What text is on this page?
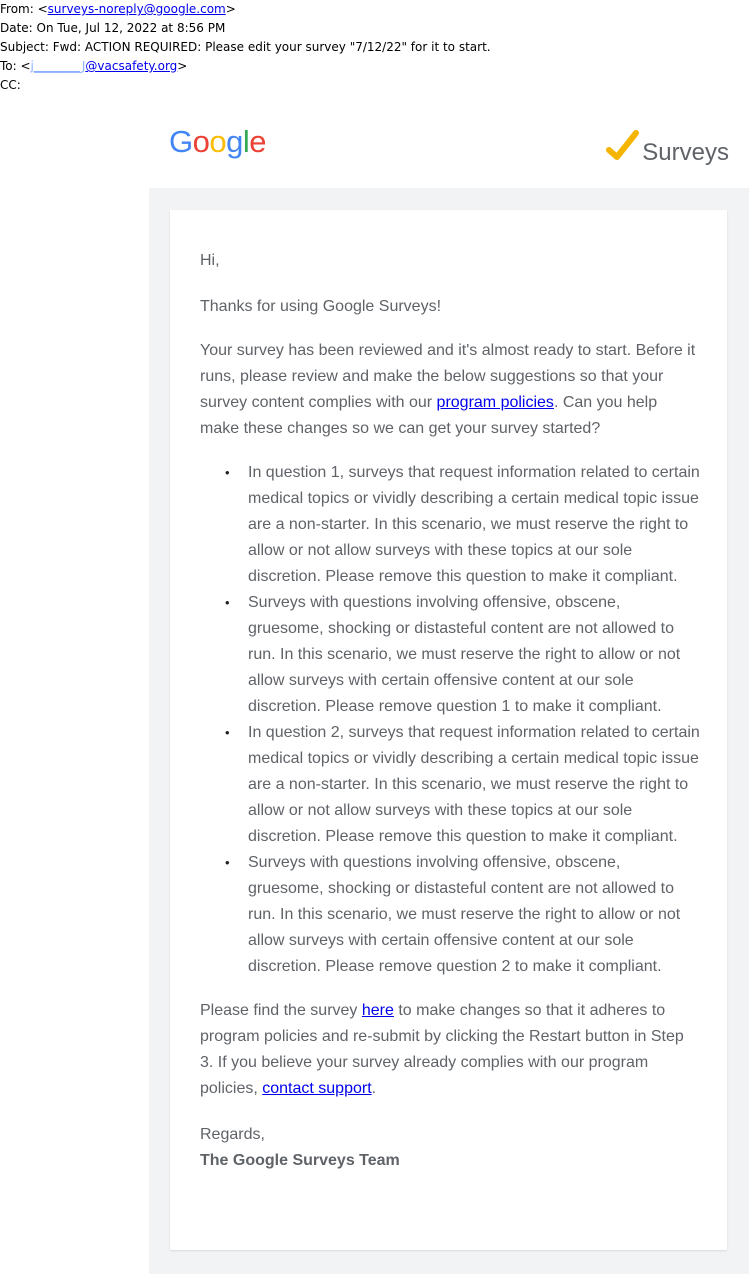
From: <surveys-noreply@google.com>
Date: On Tue, Jul 12, 2022 at 8:56 PM
Subject: Fwd: ACTION REQUIRED: Please edit your survey "7/12/22" for it to start.
To: <j________J@vacsafety.org>
CC:
Google	Surveys

Hi,

Thanks for using Google Surveys!

Your survey has been reviewed and it's almost ready to start. Before it runs, please review and make the below suggestions so that your survey content complies with our program policies. Can you help make these changes so we can get your survey started?

• In question 1, surveys that request information related to certain medical topics or vividly describing a certain medical topic issue are a non-starter. In this scenario, we must reserve the right to allow or not allow surveys with these topics at our sole discretion. Please remove this question to make it compliant.
• Surveys with questions involving offensive, obscene, gruesome, shocking or distasteful content are not allowed to run. In this scenario, we must reserve the right to allow or not allow surveys with certain offensive content at our sole discretion. Please remove question 1 to make it compliant.
• In question 2, surveys that request information related to certain medical topics or vividly describing a certain medical topic issue are a non-starter. In this scenario, we must reserve the right to allow or not allow surveys with these topics at our sole discretion. Please remove this question to make it compliant.
• Surveys with questions involving offensive, obscene, gruesome, shocking or distasteful content are not allowed to run. In this scenario, we must reserve the right to allow or not allow surveys with certain offensive content at our sole discretion. Please remove question 2 to make it compliant.

Please find the survey here to make changes so that it adheres to program policies and re-submit by clicking the Restart button in Step 3. If you believe your survey already complies with our program policies, contact support.

Regards,

The Google Surveys Team
